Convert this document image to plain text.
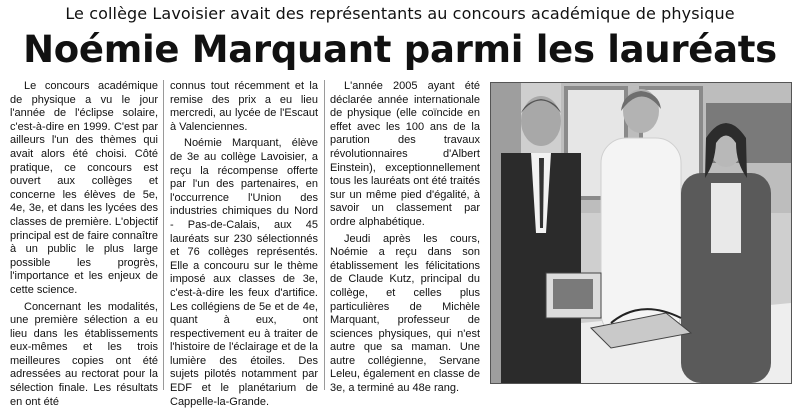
Le collège Lavoisier avait des représentants au concours académique de physique
Noémie Marquant parmi les lauréats

Le concours académique de physique a vu le jour l'année de l'éclipse solaire, c'est-à-dire en 1999. C'est par ailleurs l'un des thèmes qui avait alors été choisi. Côté pratique, ce concours est ouvert aux collèges et concerne les élèves de 5e, 4e, 3e, et dans les lycées des classes de première. L'objectif principal est de faire connaître à un public le plus large possible les progrès, l'importance et les enjeux de cette science.

Concernant les modalités, une première sélection a eu lieu dans les établissements eux-mêmes et les trois meilleures copies ont été adressées au rectorat pour la sélection finale. Les résultats en ont été

connus tout récemment et la remise des prix a eu lieu mercredi, au lycée de l'Escaut à Valenciennes.

Noémie Marquant, élève de 3e au collège Lavoisier, a reçu la récompense offerte par l'un des partenaires, en l'occurrence l'Union des industries chimiques du Nord - Pas-de-Calais, aux 45 lauréats sur 230 sélectionnés et 76 collèges représentés. Elle a concouru sur le thème imposé aux classes de 3e, c'est-à-dire les feux d'artifice. Les collégiens de 5e et de 4e, quant à eux, ont respectivement eu à traiter de l'histoire de l'éclairage et de la lumière des étoiles. Des sujets pilotés notamment par EDF et le planétarium de Cappelle-la-Grande.

L'année 2005 ayant été déclarée année internationale de physique (elle coïncide en effet avec les 100 ans de la parution des travaux révolutionnaires d'Albert Einstein), exceptionnellement tous les lauréats ont été traités sur un même pied d'égalité, à savoir un classement par ordre alphabétique.

Jeudi après les cours, Noémie a reçu dans son établissement les félicitations de Claude Kutz, principal du collège, et celles plus particulières de Michèle Marquant, professeur de sciences physiques, qui n'est autre que sa maman. Une autre collégienne, Servane Leleu, également en classe de 3e, a terminé au 48e rang.
